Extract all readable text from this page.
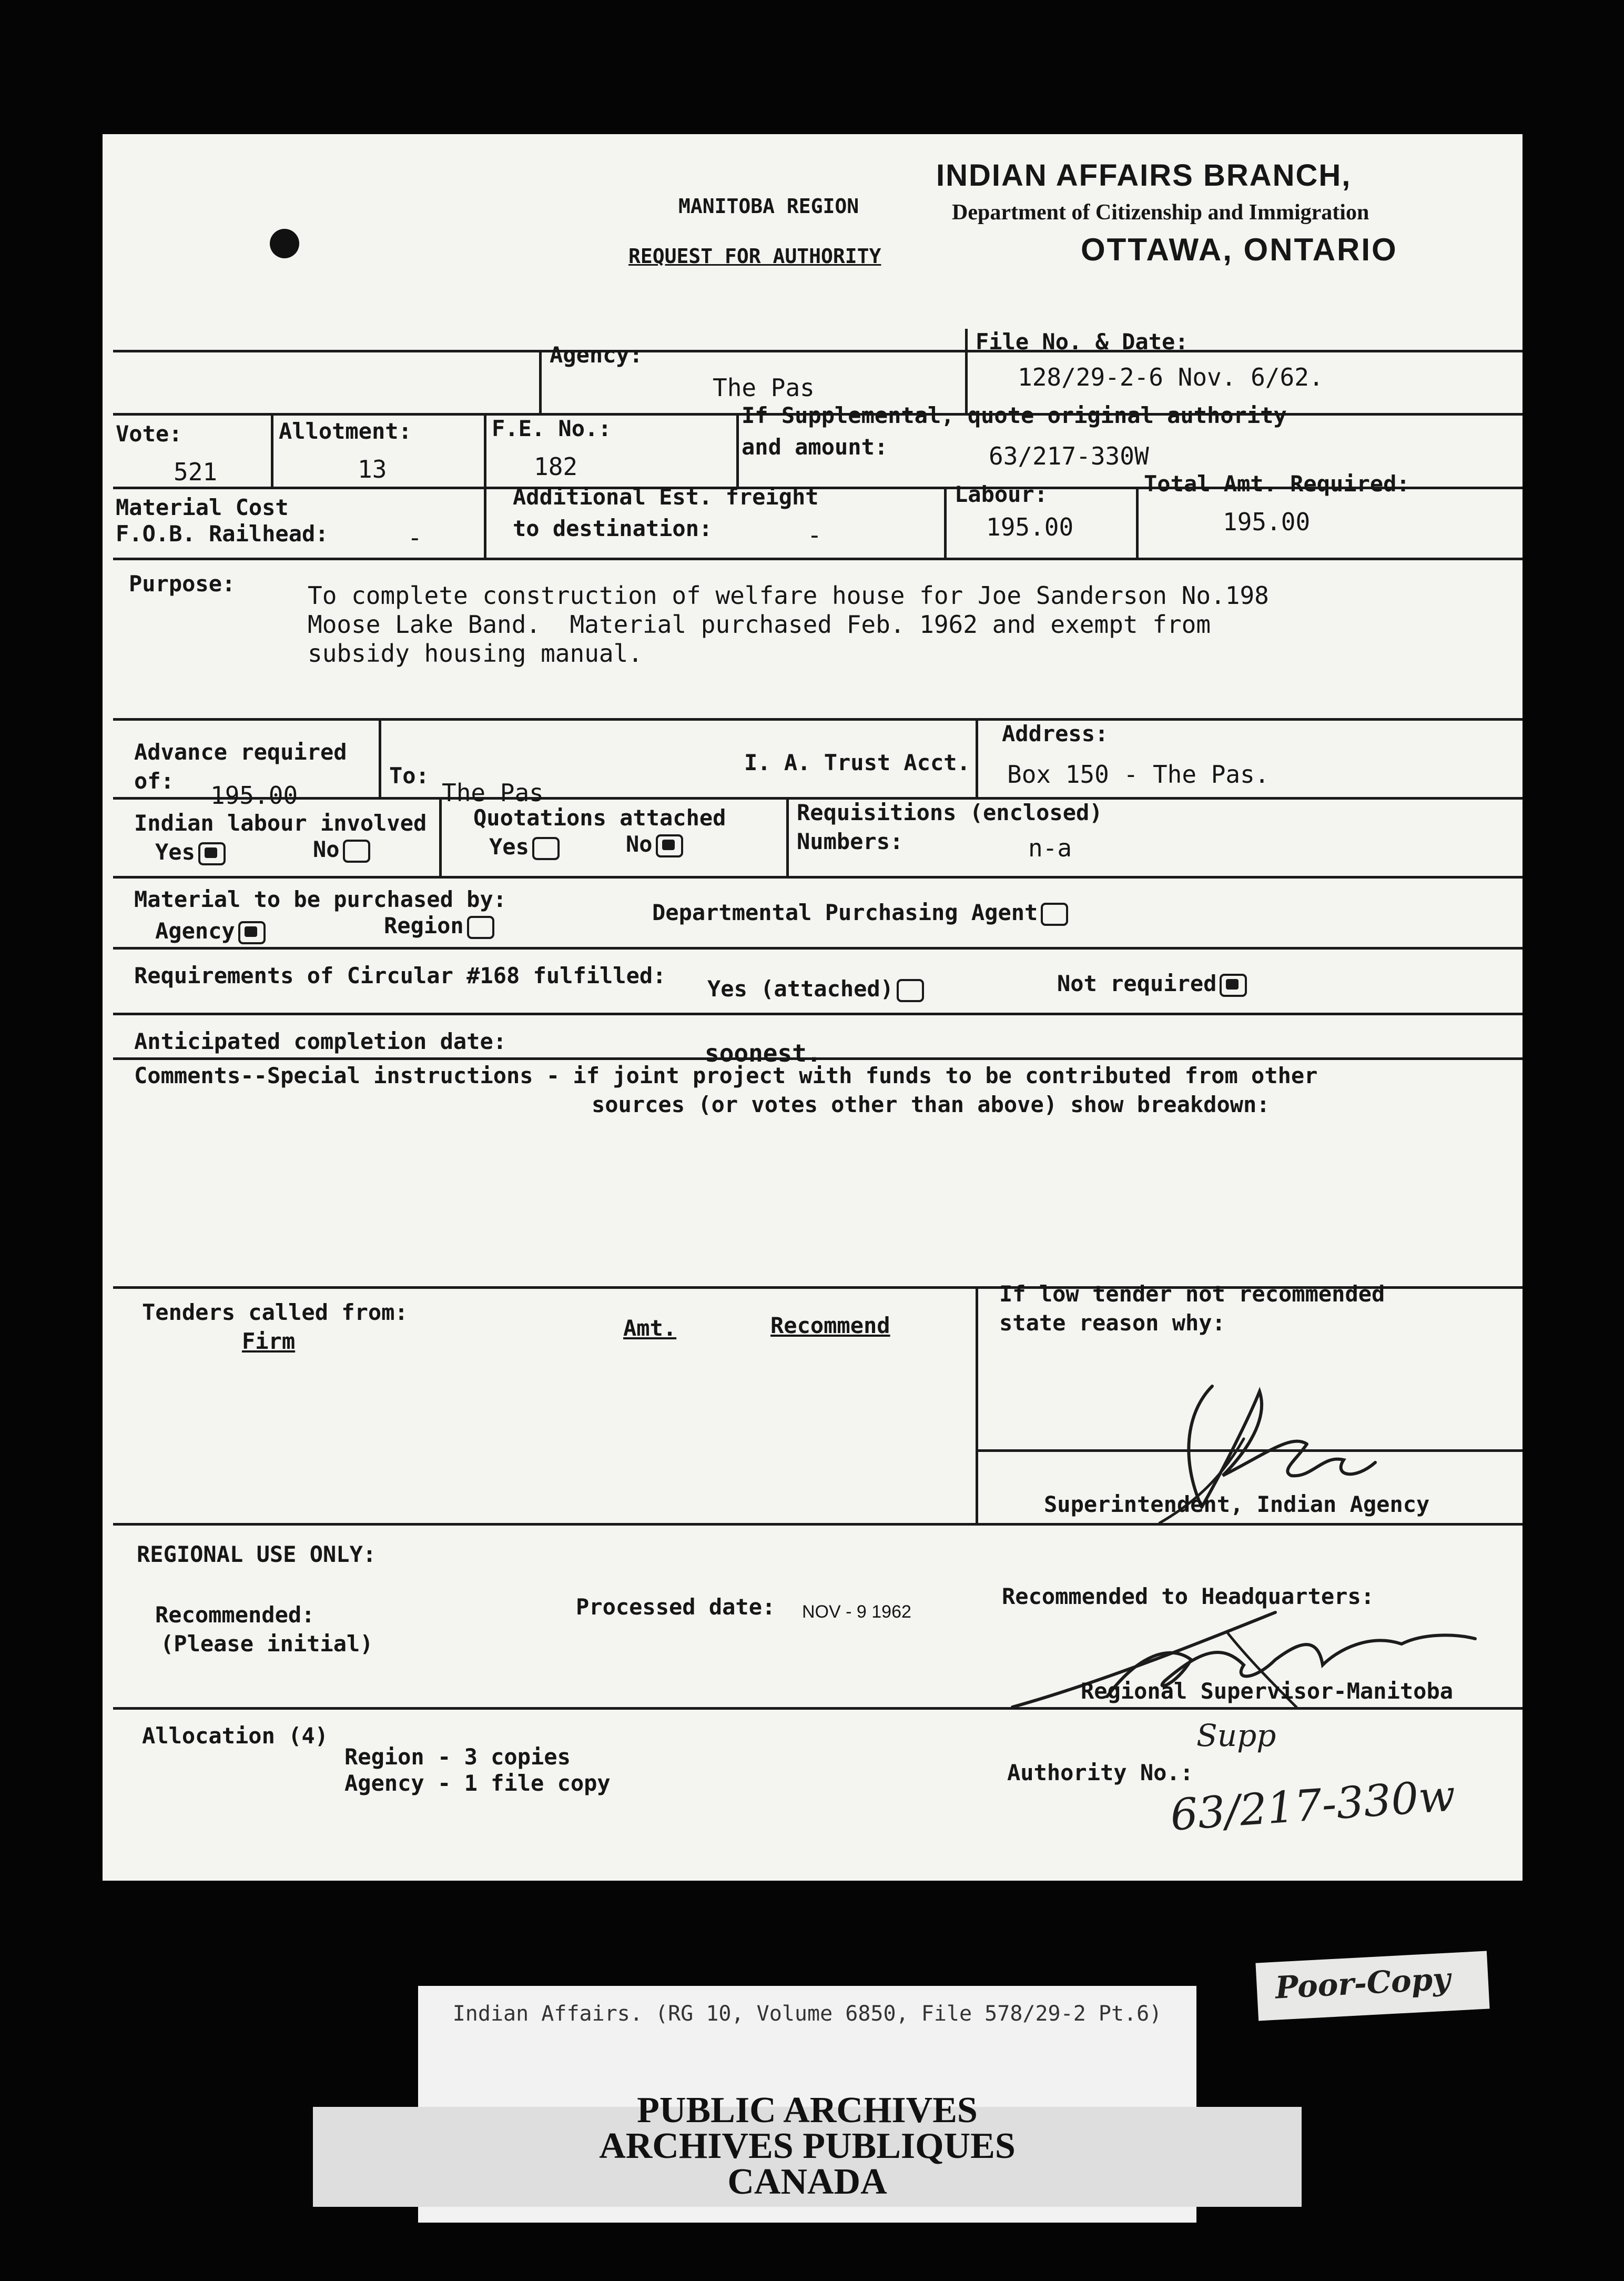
MANITOBA REGION
REQUEST FOR AUTHORITY
INDIAN AFFAIRS BRANCH,
Department of Citizenship and Immigration
OTTAWA, ONTARIO
Agency:
The Pas
File No. & Date:
128/29-2-6 Nov. 6/62.
Vote:
521
Allotment:
13
F.E. No.:
182
If Supplemental, quote original authority
and amount:	63/217-330W
Material Cost
F.O.B. Railhead:	-
Additional Est. freight
to destination:	-
Labour:
195.00
Total Amt. Required:
195.00
Purpose:	To complete construction of welfare house for Joe Sanderson No.198
Moose Lake Band.  Material purchased Feb. 1962 and exempt from
subsidy housing manual.
Advance required
of:
195.00
To:
The Pas
I. A. Trust Acct.
Address:
Box 150 - The Pas.
Indian labour involved
Yes	No
Quotations attached
Yes	No
Requisitions (enclosed)
Numbers:	n-a
Material to be purchased by:
Agency	Region
Departmental Purchasing Agent
Requirements of Circular #168 fulfilled:
Yes (attached)	Not required
Anticipated completion date:	soonest.
Comments--Special instructions - if joint project with funds to be contributed from other
sources (or votes other than above) show breakdown:
Tenders called from:
Firm
Amt.	Recommend
If low tender not recommended
state reason why:
Superintendent, Indian Agency
REGIONAL USE ONLY:
Recommended:
(Please initial)
Processed date: NOV - 9 1962
Recommended to Headquarters:
Regional Supervisor-Manitoba
Allocation (4)
Region - 3 copies
Agency - 1 file copy	Authority No.:
Supp
63/217-330w
Poor-Copy
Indian Affairs. (RG 10, Volume 6850, File 578/29-2 Pt.6)
PUBLIC ARCHIVES
ARCHIVES PUBLIQUES
CANADA
